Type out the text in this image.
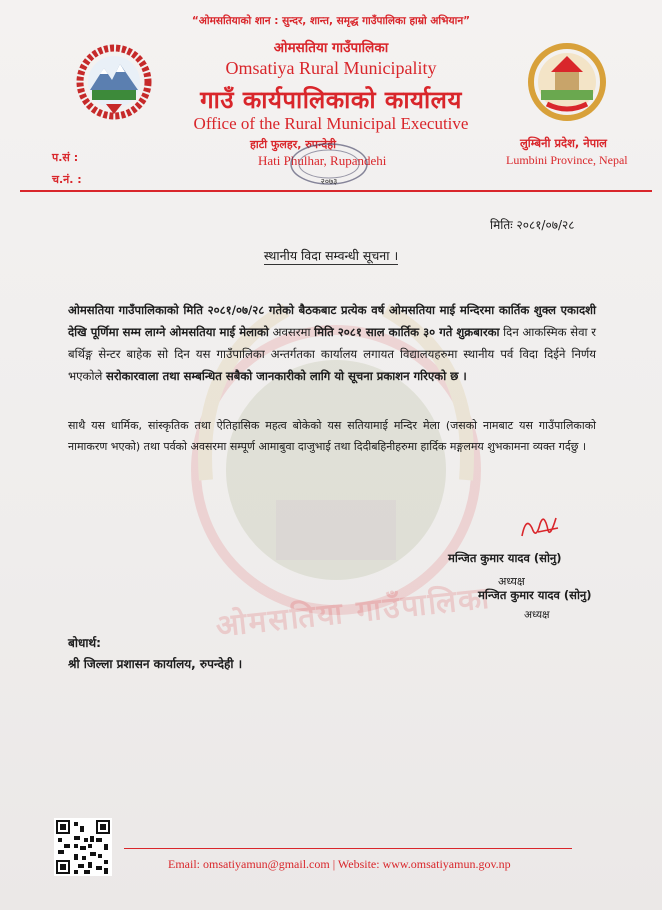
ओमसतिया गाउँपालिका
“ओमसतियाको शान : सुन्दर, शान्त, समृद्ध गाउँपालिका हाम्रो अभियान”
ओमसतिया गाउँपालिका
Omsatiya Rural Municipality
गाउँ कार्यपालिकाको कार्यालय
Office of the Rural Municipal Executive
हाटी फुलहर, रुपन्देही
Hati Phulhar, Rupandehi
२०७३
लुम्बिनी प्रदेश, नेपाल
Lumbini Province, Nepal
प.सं :
च.नं. :
मितिः २०८१/०७/२८
स्थानीय विदा सम्वन्धी सूचना ।
ओमसतिया गाउँपालिकाको मिति २०८१/०७/२८ गतेको बैठकबाट प्रत्येक वर्ष ओमसतिया माई मन्दिरमा कार्तिक शुक्ल एकादशी देखि पूर्णिमा सम्म लाग्ने ओमसतिया माई मेलाको अवसरमा मिति २०८१ साल कार्तिक ३० गते शुक्रबारका दिन आकस्मिक सेवा र बर्थिङ्ग सेन्टर बाहेक सो दिन यस गाउँपालिका अन्तर्गतका कार्यालय लगायत विद्यालयहरुमा स्थानीय पर्व विदा दिईने निर्णय भएकोले सरोकारवाला तथा सम्बन्धित सबैको जानकारीको लागि यो सूचना प्रकाशन गरिएको छ ।
साथै यस धार्मिक, सांस्कृतिक तथा ऐतिहासिक महत्व बोकेको यस सतियामाई मन्दिर मेला (जसको नामबाट यस गाउँपालिकाको नामाकरण भएको) तथा पर्वको अवसरमा सम्पूर्ण आमाबुवा दाजुभाई तथा दिदीबहिनीहरुमा हार्दिक मङ्गलमय शुभकामना व्यक्त गर्दछु ।
मन्जित कुमार यादव (सोनु)
अध्यक्ष
मन्जित कुमार यादव (सोनु)
अध्यक्ष
बोधार्थ:
श्री जिल्ला प्रशासन कार्यालय, रुपन्देही ।
Email: omsatiyamun@gmail.com | Website: www.omsatiyamun.gov.np
